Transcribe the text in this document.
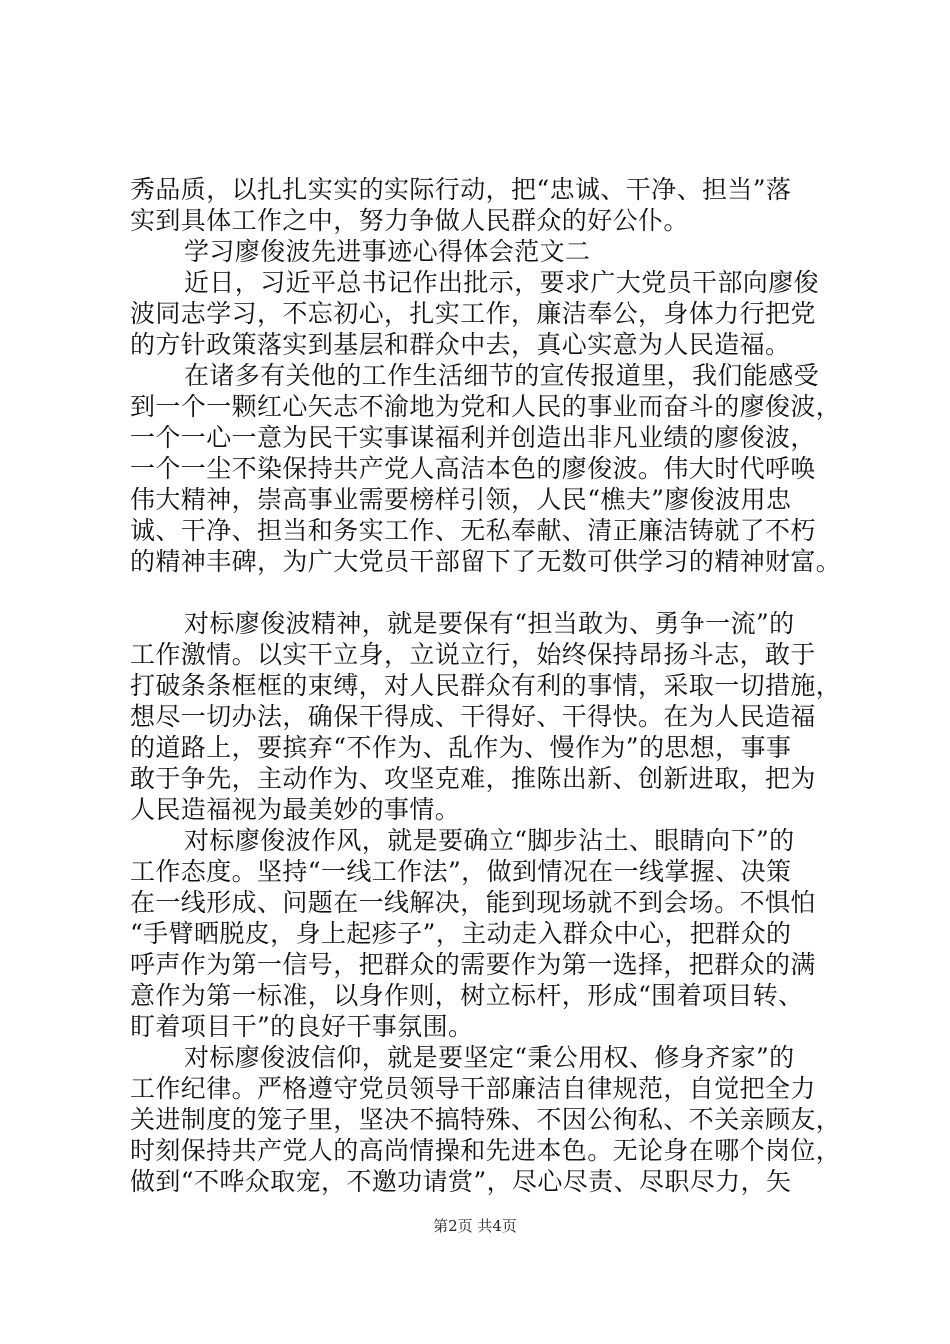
秀品质，以扎扎实实的实际行动，把“忠诚、干净、担当”落
实到具体工作之中，努力争做人民群众的好公仆。
学习廖俊波先进事迹心得体会范文二
近日，习近平总书记作出批示，要求广大党员干部向廖俊
波同志学习，不忘初心，扎实工作，廉洁奉公，身体力行把党
的方针政策落实到基层和群众中去，真心实意为人民造福。
在诸多有关他的工作生活细节的宣传报道里，我们能感受
到一个一颗红心矢志不渝地为党和人民的事业而奋斗的廖俊波，
一个一心一意为民干实事谋福利并创造出非凡业绩的廖俊波，
一个一尘不染保持共产党人高洁本色的廖俊波。伟大时代呼唤
伟大精神，崇高事业需要榜样引领，人民“樵夫”廖俊波用忠
诚、干净、担当和务实工作、无私奉献、清正廉洁铸就了不朽
的精神丰碑，为广大党员干部留下了无数可供学习的精神财富。
对标廖俊波精神，就是要保有“担当敢为、勇争一流”的
工作激情。以实干立身，立说立行，始终保持昂扬斗志，敢于
打破条条框框的束缚，对人民群众有利的事情，采取一切措施，
想尽一切办法，确保干得成、干得好、干得快。在为人民造福
的道路上，要摈弃“不作为、乱作为、慢作为”的思想，事事
敢于争先，主动作为、攻坚克难，推陈出新、创新进取，把为
人民造福视为最美妙的事情。
对标廖俊波作风，就是要确立“脚步沾土、眼睛向下”的
工作态度。坚持“一线工作法”，做到情况在一线掌握、决策
在一线形成、问题在一线解决，能到现场就不到会场。不惧怕
“手臂晒脱皮，身上起疹子”，主动走入群众中心，把群众的
呼声作为第一信号，把群众的需要作为第一选择，把群众的满
意作为第一标准，以身作则，树立标杆，形成“围着项目转、
盯着项目干”的良好干事氛围。
对标廖俊波信仰，就是要坚定“秉公用权、修身齐家”的
工作纪律。严格遵守党员领导干部廉洁自律规范，自觉把全力
关进制度的笼子里，坚决不搞特殊、不因公徇私、不关亲顾友，
时刻保持共产党人的高尚情操和先进本色。无论身在哪个岗位，
做到“不哗众取宠，不邀功请赏”，尽心尽责、尽职尽力，矢
第2页 共4页
